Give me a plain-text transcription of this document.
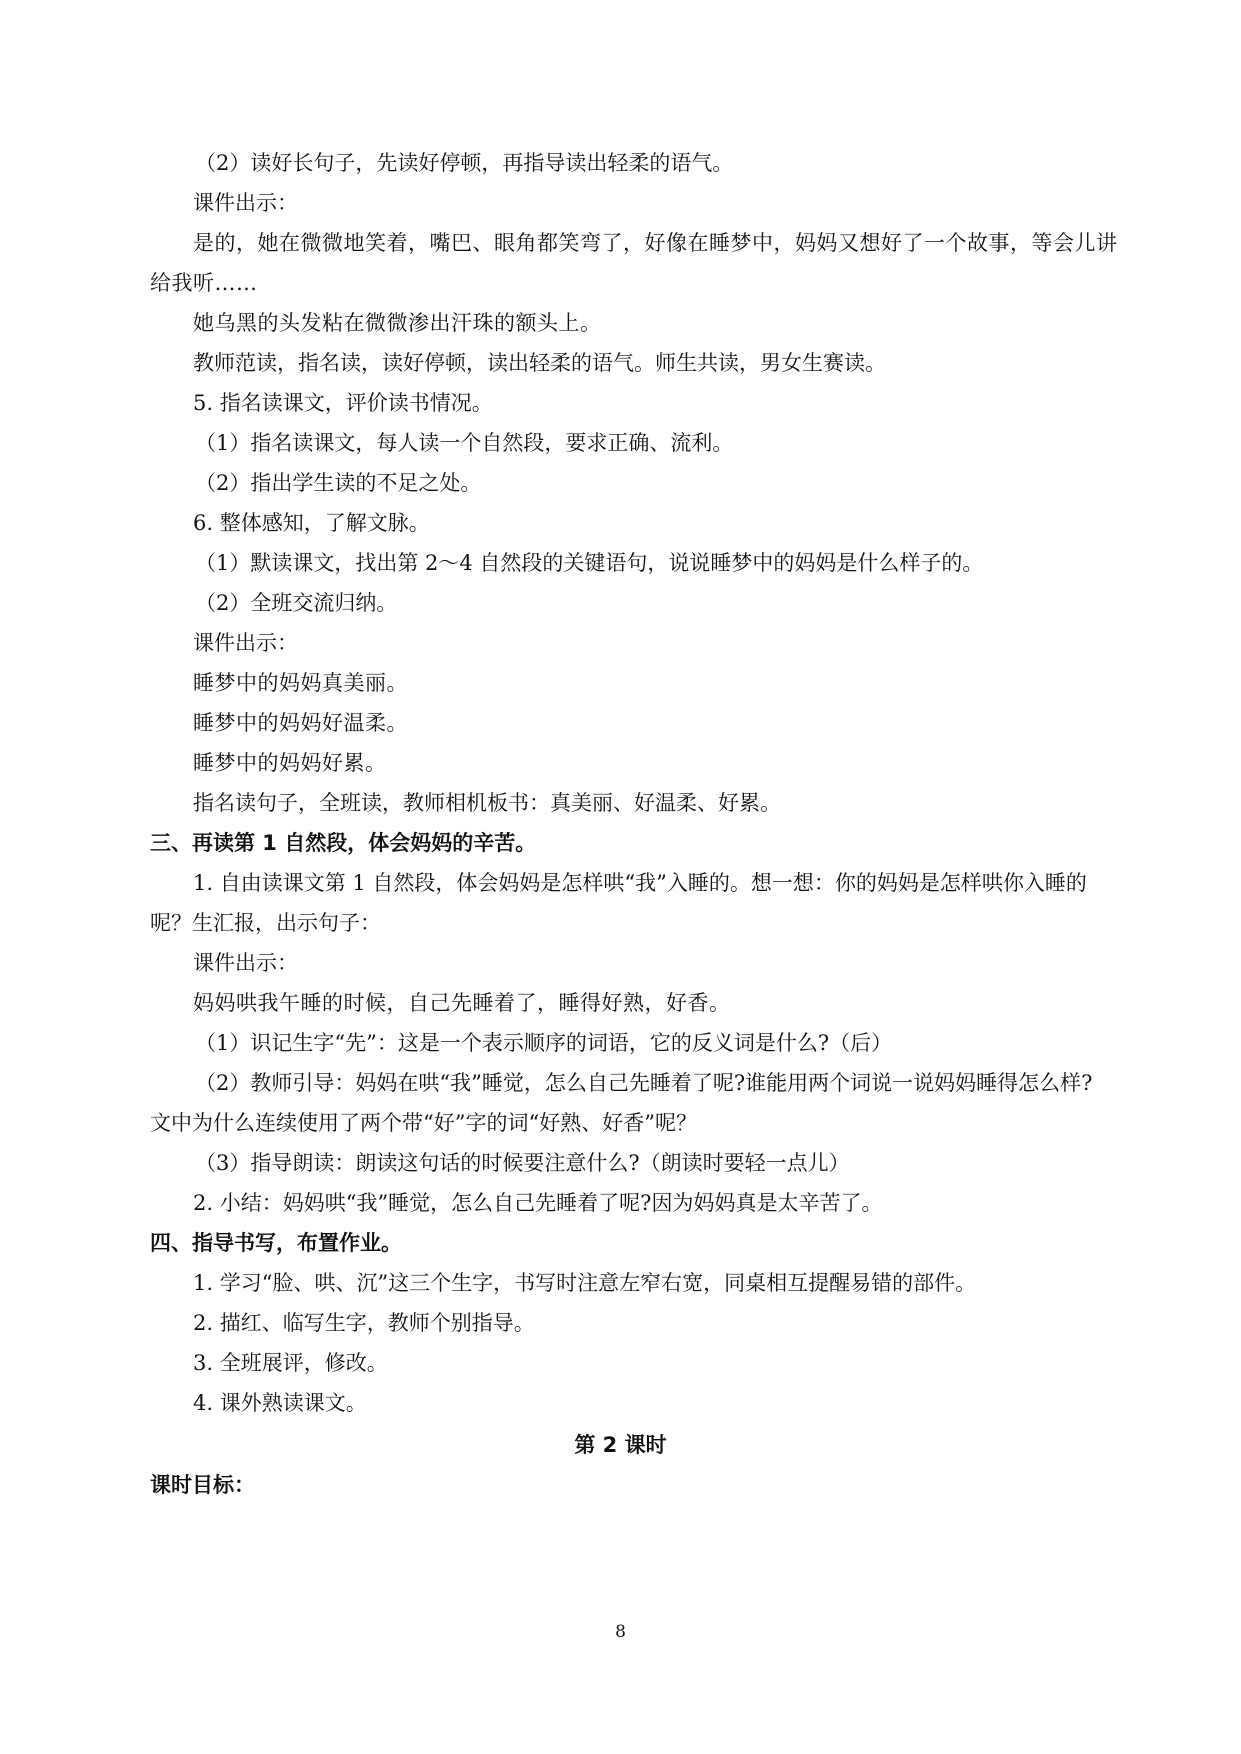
（2）读好长句子，先读好停顿，再指导读出轻柔的语气。
课件出示：
是的，她在微微地笑着，嘴巴、眼角都笑弯了，好像在睡梦中，妈妈又想好了一个故事，等会儿讲
给我听……
她乌黑的头发粘在微微渗出汗珠的额头上。
教师范读，指名读，读好停顿，读出轻柔的语气。师生共读，男女生赛读。
5. 指名读课文，评价读书情况。
（1）指名读课文，每人读一个自然段，要求正确、流利。
（2）指出学生读的不足之处。
6. 整体感知，了解文脉。
（1）默读课文，找出第 2～4 自然段的关键语句，说说睡梦中的妈妈是什么样子的。
（2）全班交流归纳。
课件出示：
睡梦中的妈妈真美丽。
睡梦中的妈妈好温柔。
睡梦中的妈妈好累。
指名读句子，全班读，教师相机板书：真美丽、好温柔、好累。
三、再读第 1 自然段，体会妈妈的辛苦。
1. 自由读课文第 1 自然段，体会妈妈是怎样哄“我”入睡的。想一想：你的妈妈是怎样哄你入睡的
呢？生汇报，出示句子：
课件出示：
妈妈哄我午睡的时候，自己先睡着了，睡得好熟，好香。
（1）识记生字“先”：这是一个表示顺序的词语，它的反义词是什么?（后）
（2）教师引导：妈妈在哄“我”睡觉，怎么自己先睡着了呢?谁能用两个词说一说妈妈睡得怎么样?
文中为什么连续使用了两个带“好”字的词“好熟、好香”呢？
（3）指导朗读：朗读这句话的时候要注意什么?（朗读时要轻一点儿）
2. 小结：妈妈哄“我”睡觉，怎么自己先睡着了呢?因为妈妈真是太辛苦了。
四、指导书写，布置作业。
1. 学习“脸、哄、沉”这三个生字，书写时注意左窄右宽，同桌相互提醒易错的部件。
2. 描红、临写生字，教师个别指导。
3. 全班展评，修改。
4. 课外熟读课文。
第 2 课时
课时目标：
8
